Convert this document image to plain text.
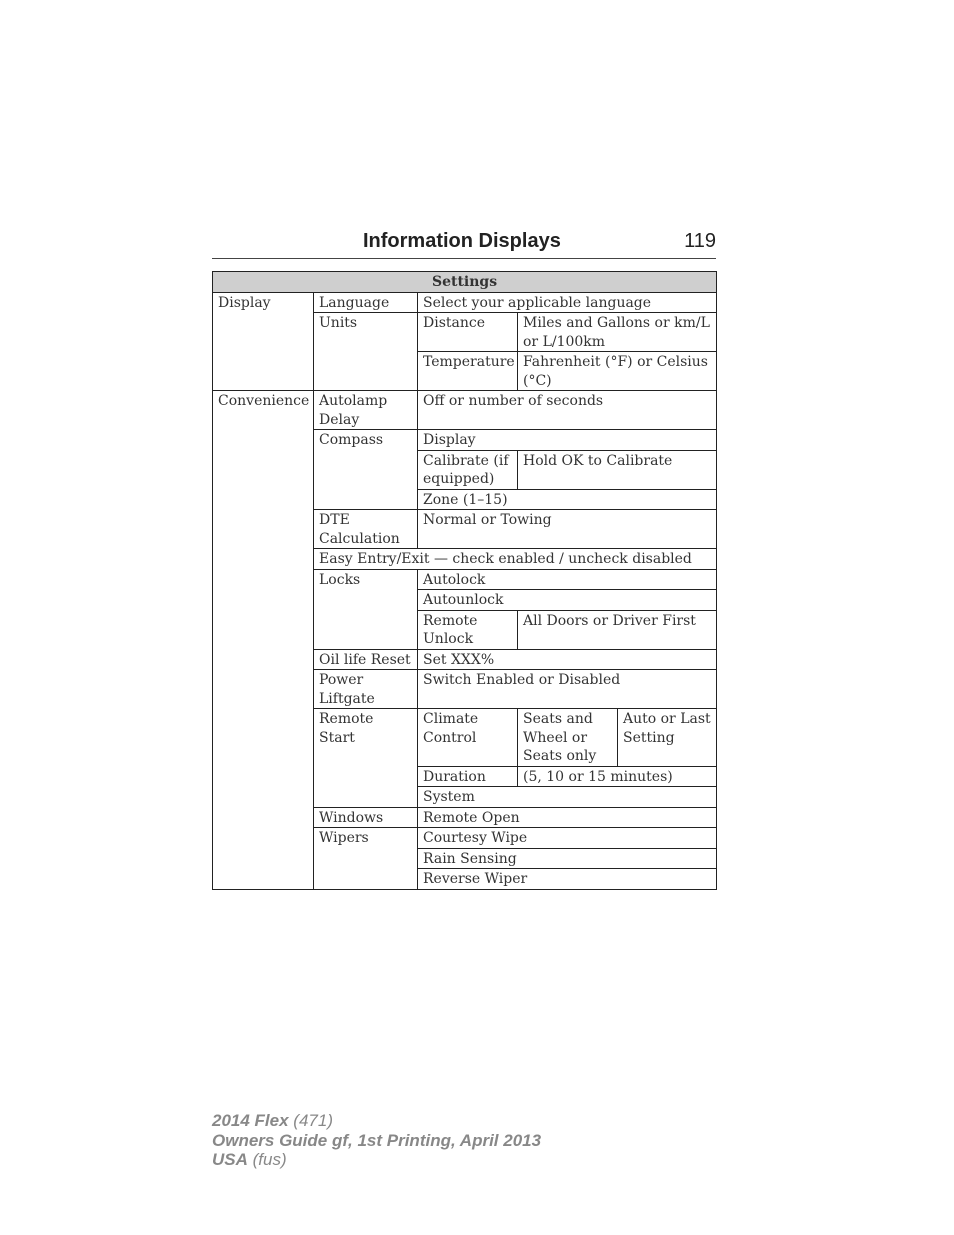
Information Displays	119
Settings				
Display	Language	Select your applicable language		
	Units	Distance	Miles and Gallons or km/L or L/100km	
		Temperature	Fahrenheit (°F) or Celsius (°C)	
Convenience	Autolamp Delay	Off or number of seconds		
	Compass	Display		
		Calibrate (if equipped)	Hold OK to Calibrate	
		Zone (1–15)		
	DTE Calculation	Normal or Towing		
	Easy Entry/Exit — check enabled / uncheck disabled			
	Locks	Autolock		
		Autounlock		
		Remote Unlock	All Doors or Driver First	
	Oil life Reset	Set XXX%		
	Power Liftgate	Switch Enabled or Disabled		
	Remote Start	Climate Control	Seats and Wheel or Seats only	Auto or Last Setting
		Duration	(5, 10 or 15 minutes)	
		System		
	Windows	Remote Open		
	Wipers	Courtesy Wipe		
		Rain Sensing		
		Reverse Wiper		
2014 Flex (471)
Owners Guide gf, 1st Printing, April 2013
USA (fus)
